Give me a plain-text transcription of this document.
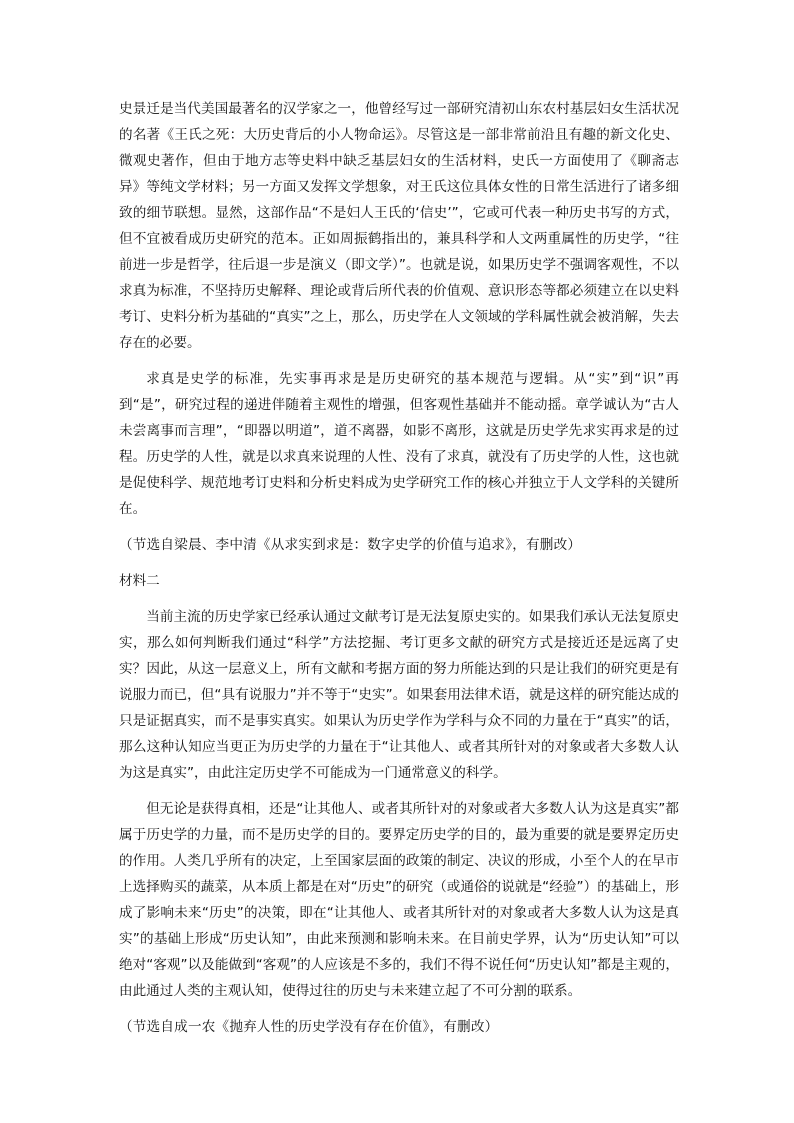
史景迁是当代美国最著名的汉学家之一，他曾经写过一部研究清初山东农村基层妇女生活状况的名著《王氏之死：大历史背后的小人物命运》。尽管这是一部非常前沿且有趣的新文化史、微观史著作，但由于地方志等史料中缺乏基层妇女的生活材料，史氏一方面使用了《聊斋志异》等纯文学材料；另一方面又发挥文学想象，对王氏这位具体女性的日常生活进行了诸多细致的细节联想。显然，这部作品“不是妇人王氏的‘信史’”，它或可代表一种历史书写的方式，但不宜被看成历史研究的范本。正如周振鹤指出的，兼具科学和人文两重属性的历史学，“往前进一步是哲学，往后退一步是演义（即文学）”。也就是说，如果历史学不强调客观性，不以求真为标准，不坚持历史解释、理论或背后所代表的价值观、意识形态等都必须建立在以史料考订、史料分析为基础的“真实”之上，那么，历史学在人文领域的学科属性就会被消解，失去存在的必要。

求真是史学的标准，先实事再求是是历史研究的基本规范与逻辑。从“实”到“识”再到“是”，研究过程的递进伴随着主观性的增强，但客观性基础并不能动摇。章学诚认为“古人未尝离事而言理”，“即器以明道”，道不离器，如影不离形，这就是历史学先求实再求是的过程。历史学的人性，就是以求真来说理的人性、没有了求真，就没有了历史学的人性，这也就是促使科学、规范地考订史料和分析史料成为史学研究工作的核心并独立于人文学科的关键所在。

（节选自梁晨、李中清《从求实到求是：数字史学的价值与追求》，有删改）

材料二

当前主流的历史学家已经承认通过文献考订是无法复原史实的。如果我们承认无法复原史实，那么如何判断我们通过“科学”方法挖掘、考订更多文献的研究方式是接近还是远离了史实？因此，从这一层意义上，所有文献和考据方面的努力所能达到的只是让我们的研究更是有说服力而已，但“具有说服力”并不等于“史实”。如果套用法律术语，就是这样的研究能达成的只是证据真实，而不是事实真实。如果认为历史学作为学科与众不同的力量在于“真实”的话，那么这种认知应当更正为历史学的力量在于“让其他人、或者其所针对的对象或者大多数人认为这是真实”，由此注定历史学不可能成为一门通常意义的科学。

但无论是获得真相，还是“让其他人、或者其所针对的对象或者大多数人认为这是真实”都属于历史学的力量，而不是历史学的目的。要界定历史学的目的，最为重要的就是要界定历史的作用。人类几乎所有的决定，上至国家层面的政策的制定、决议的形成，小至个人的在早市上选择购买的蔬菜，从本质上都是在对“历史”的研究（或通俗的说就是“经验”）的基础上，形成了影响未来“历史”的决策，即在“让其他人、或者其所针对的对象或者大多数人认为这是真实”的基础上形成“历史认知”，由此来预测和影响未来。在目前史学界，认为“历史认知”可以绝对“客观”以及能做到“客观”的人应该是不多的，我们不得不说任何“历史认知”都是主观的，由此通过人类的主观认知，使得过往的历史与未来建立起了不可分割的联系。

（节选自成一农《抛弃人性的历史学没有存在价值》，有删改）
